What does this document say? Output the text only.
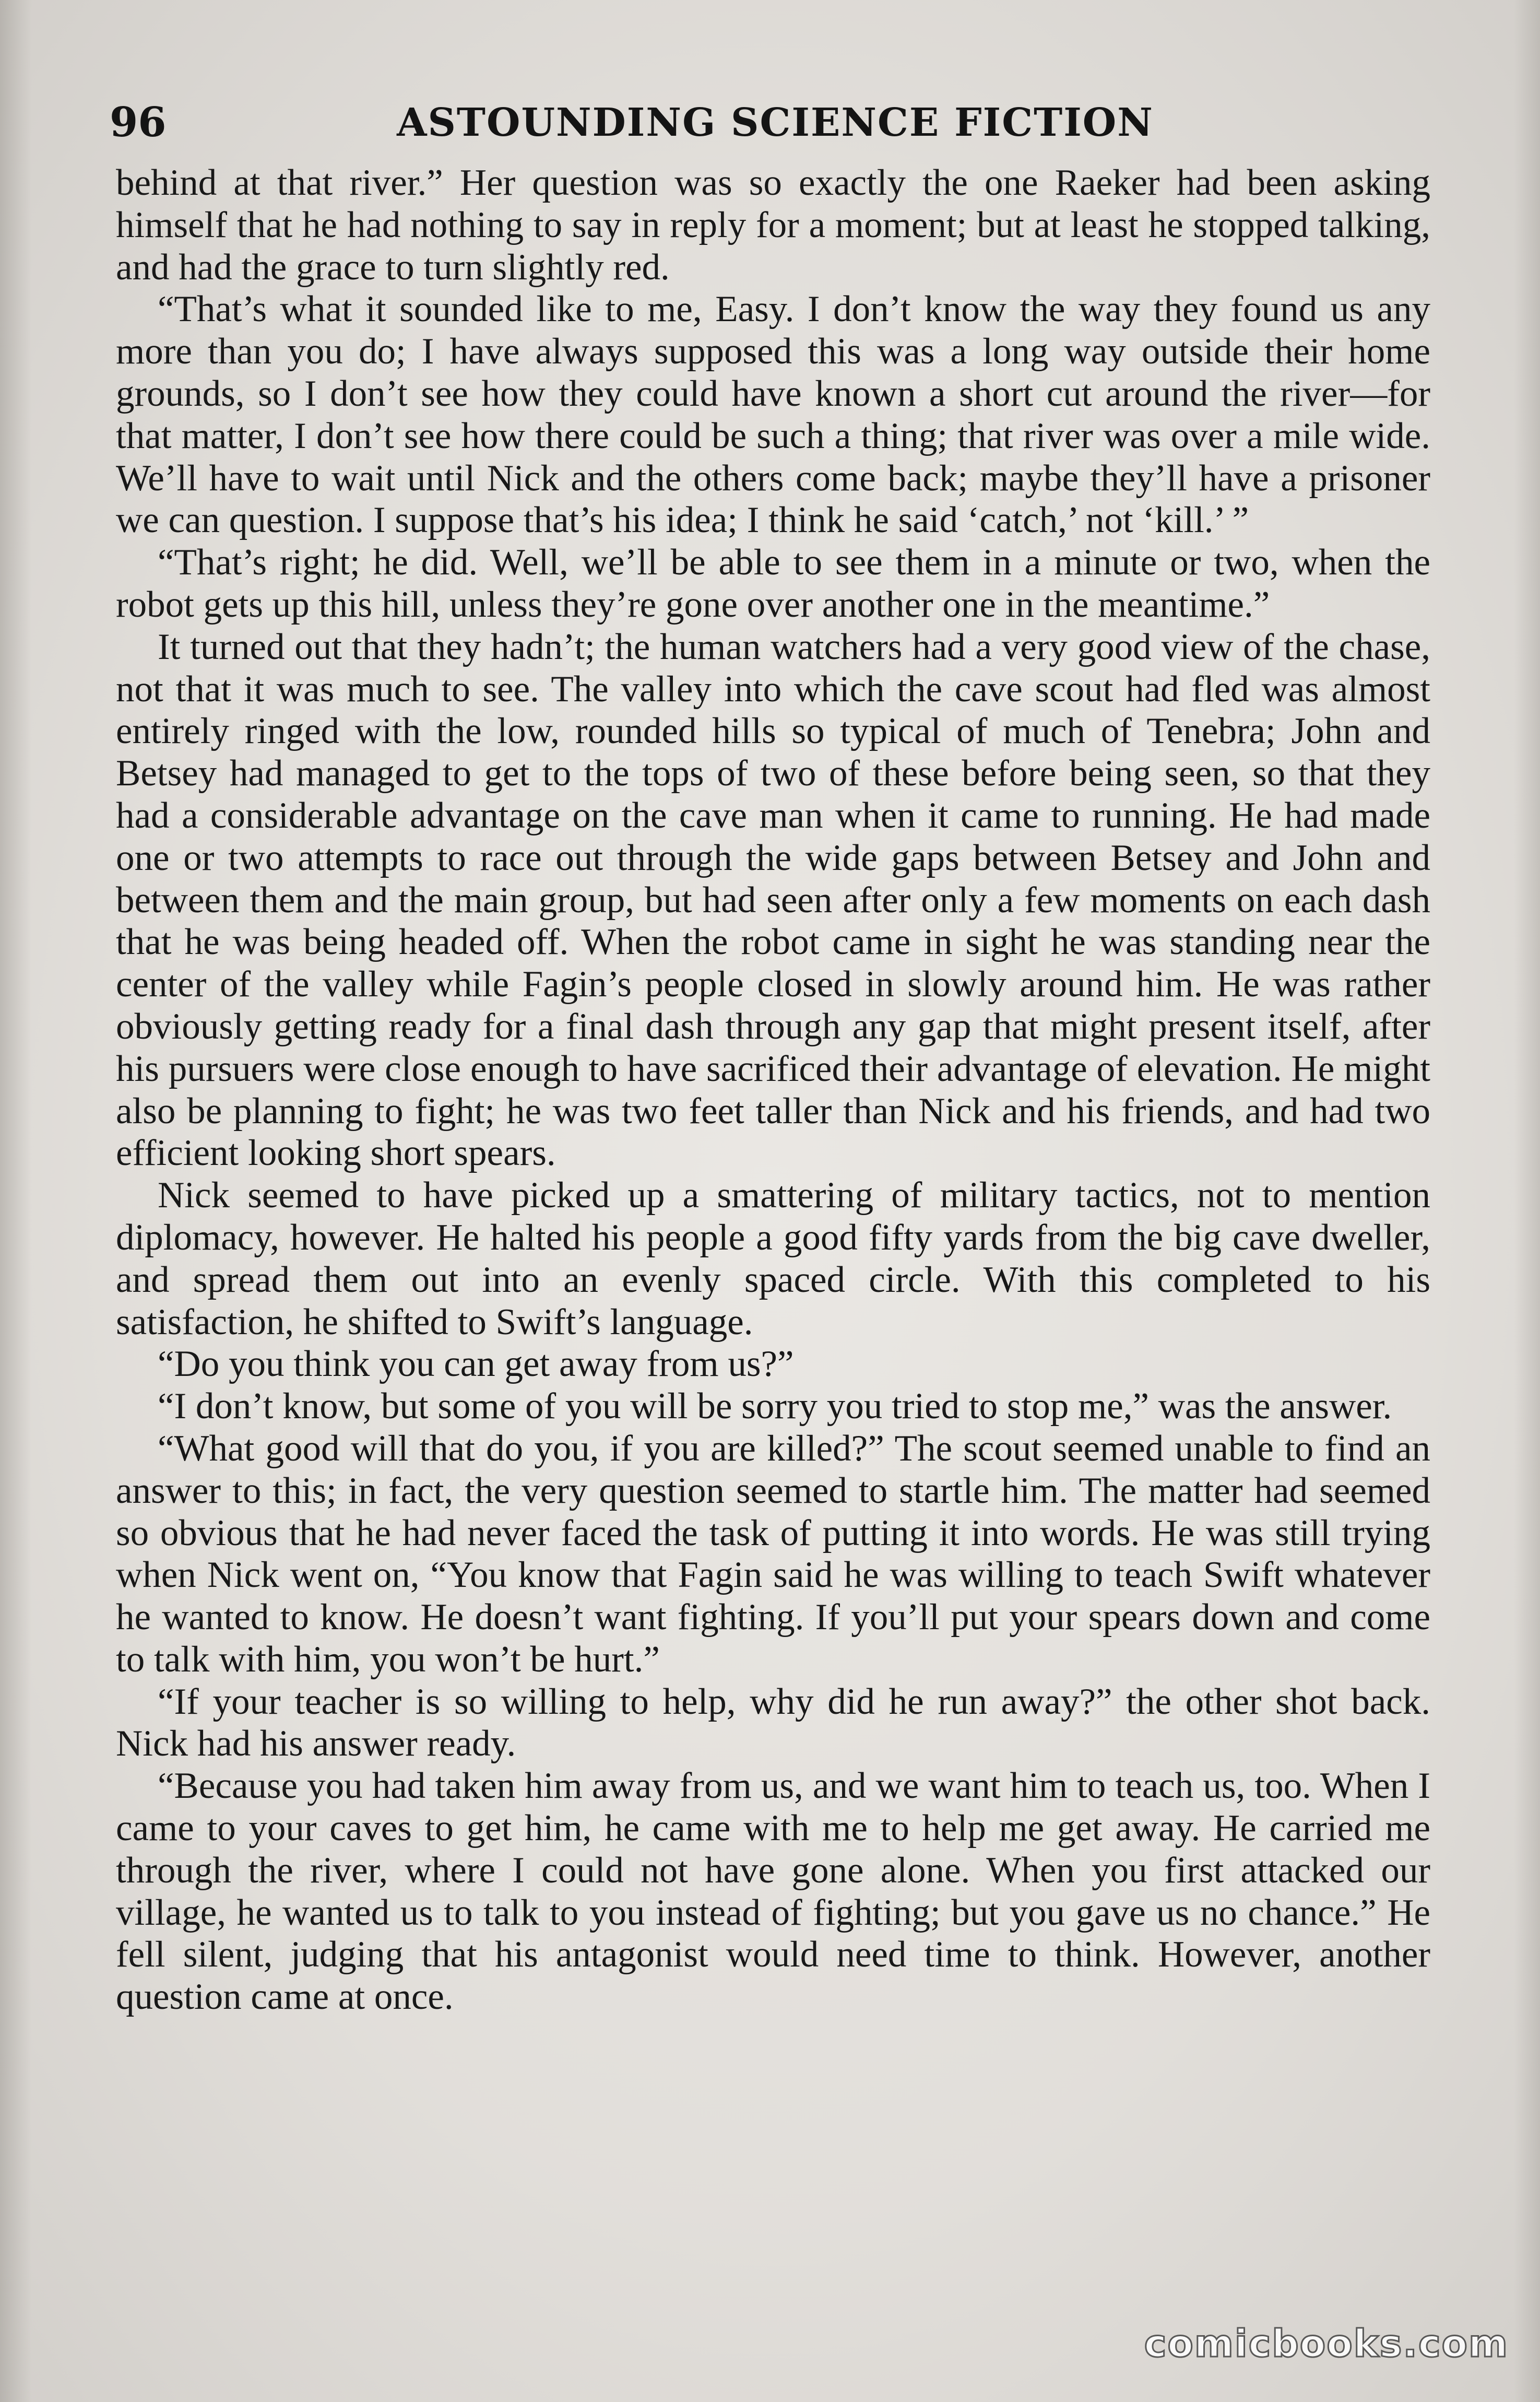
96	ASTOUNDING SCIENCE FICTION

behind at that river.” Her question was so exactly the one Raeker had been asking himself that he had nothing to say in reply for a moment; but at least he stopped talking, and had the grace to turn slightly red.

“That’s what it sounded like to me, Easy. I don’t know the way they found us any more than you do; I have always supposed this was a long way outside their home grounds, so I don’t see how they could have known a short cut around the river—for that matter, I don’t see how there could be such a thing; that river was over a mile wide. We’ll have to wait until Nick and the others come back; maybe they’ll have a prisoner we can question. I suppose that’s his idea; I think he said ‘catch,’ not ‘kill.’ ”

“That’s right; he did. Well, we’ll be able to see them in a minute or two, when the robot gets up this hill, unless they’re gone over another one in the meantime.”

It turned out that they hadn’t; the human watchers had a very good view of the chase, not that it was much to see. The valley into which the cave scout had fled was almost entirely ringed with the low, rounded hills so typical of much of Tenebra; John and Betsey had managed to get to the tops of two of these before being seen, so that they had a considerable advantage on the cave man when it came to running. He had made one or two attempts to race out through the wide gaps between Betsey and John and between them and the main group, but had seen after only a few moments on each dash that he was being headed off. When the robot came in sight he was standing near the center of the valley while Fagin’s people closed in slowly around him. He was rather obviously getting ready for a final dash through any gap that might present itself, after his pursuers were close enough to have sacrificed their advantage of elevation. He might also be planning to fight; he was two feet taller than Nick and his friends, and had two efficient looking short spears.

Nick seemed to have picked up a smattering of military tactics, not to mention diplomacy, however. He halted his people a good fifty yards from the big cave dweller, and spread them out into an evenly spaced circle. With this completed to his satisfaction, he shifted to Swift’s language.

“Do you think you can get away from us?”

“I don’t know, but some of you will be sorry you tried to stop me,” was the answer.

“What good will that do you, if you are killed?” The scout seemed unable to find an answer to this; in fact, the very question seemed to startle him. The matter had seemed so obvious that he had never faced the task of putting it into words. He was still trying when Nick went on, “You know that Fagin said he was willing to teach Swift whatever he wanted to know. He doesn’t want fighting. If you’ll put your spears down and come to talk with him, you won’t be hurt.”

“If your teacher is so willing to help, why did he run away?” the other shot back. Nick had his answer ready.

“Because you had taken him away from us, and we want him to teach us, too. When I came to your caves to get him, he came with me to help me get away. He carried me through the river, where I could not have gone alone. When you first attacked our village, he wanted us to talk to you instead of fighting; but you gave us no chance.” He fell silent, judging that his antagonist would need time to think. However, another question came at once.

comicbooks.com
